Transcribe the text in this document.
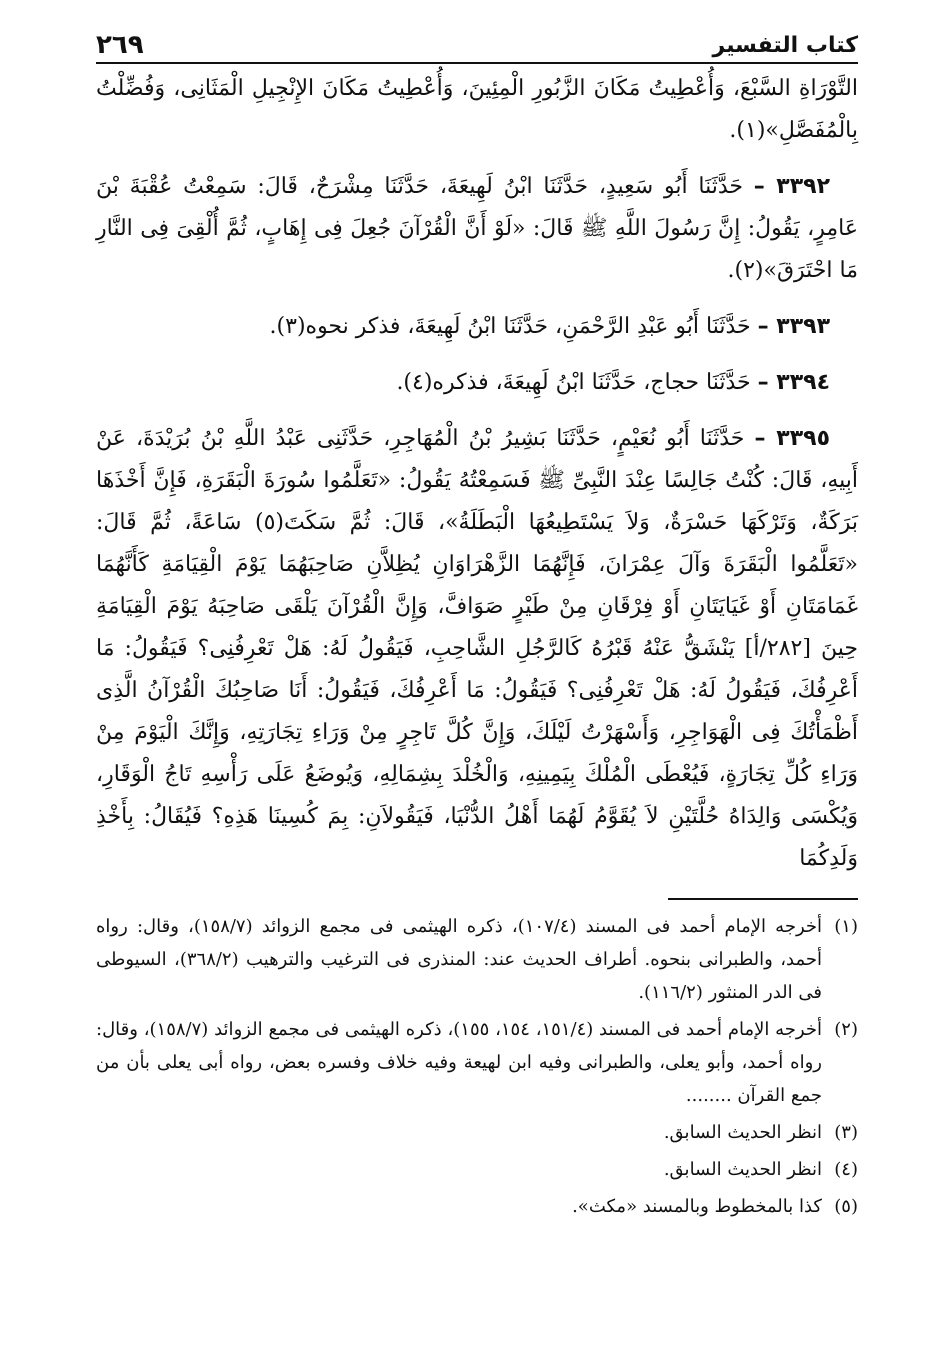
كتاب التفسير
٢٦٩

التَّوْرَاةِ السَّبْعَ، وَأُعْطِيتُ مَكَانَ الزَّبُورِ الْمِئِينَ، وَأُعْطِيتُ مَكَانَ الإِنْجِيلِ الْمَثَانِى، وَفُضِّلْتُ بِالْمُفَصَّلِ»(١).

٣٣٩٢ – حَدَّثَنَا أَبُو سَعِيدٍ، حَدَّثَنَا ابْنُ لَهِيعَةَ، حَدَّثَنَا مِشْرَحٌ، قَالَ: سَمِعْتُ عُقْبَةَ بْنَ عَامِرٍ، يَقُولُ: إِنَّ رَسُولَ اللَّهِ ﷺ قَالَ: «لَوْ أَنَّ الْقُرْآنَ جُعِلَ فِى إِهَابٍ، ثُمَّ أُلْقِىَ فِى النَّارِ مَا احْتَرَقَ»(٢).

٣٣٩٣ – حَدَّثَنَا أَبُو عَبْدِ الرَّحْمَنِ، حَدَّثَنَا ابْنُ لَهِيعَةَ، فذكر نحوه(٣).

٣٣٩٤ – حَدَّثَنَا حجاج، حَدَّثَنَا ابْنُ لَهِيعَةَ، فذكره(٤).

٣٣٩٥ – حَدَّثَنَا أَبُو نُعَيْمٍ، حَدَّثَنَا بَشِيرُ بْنُ الْمُهَاجِرِ، حَدَّثَنِى عَبْدُ اللَّهِ بْنُ بُرَيْدَةَ، عَنْ أَبِيهِ، قَالَ: كُنْتُ جَالِسًا عِنْدَ النَّبِىِّ ﷺ فَسَمِعْتُهُ يَقُولُ: «تَعَلَّمُوا سُورَةَ الْبَقَرَةِ، فَإِنَّ أَخْذَهَا بَرَكَةٌ، وَتَرْكَهَا حَسْرَةٌ، وَلاَ يَسْتَطِيعُهَا الْبَطَلَةُ»، قَالَ: ثُمَّ سَكَتَ(٥) سَاعَةً، ثُمَّ قَالَ: «تَعَلَّمُوا الْبَقَرَةَ وَآلَ عِمْرَانَ، فَإِنَّهُمَا الزَّهْرَاوَانِ يُظِلاَّنِ صَاحِبَهُمَا يَوْمَ الْقِيَامَةِ كَأَنَّهُمَا غَمَامَتَانِ أَوْ غَيَايَتَانِ أَوْ فِرْقَانِ مِنْ طَيْرٍ صَوَافَّ، وَإِنَّ الْقُرْآنَ يَلْقَى صَاحِبَهُ يَوْمَ الْقِيَامَةِ حِينَ [٢٨٢/أ] يَنْشَقُّ عَنْهُ قَبْرُهُ كَالرَّجُلِ الشَّاحِبِ، فَيَقُولُ لَهُ: هَلْ تَعْرِفُنِى؟ فَيَقُولُ: مَا أَعْرِفُكَ، فَيَقُولُ لَهُ: هَلْ تَعْرِفُنِى؟ فَيَقُولُ: مَا أَعْرِفُكَ، فَيَقُولُ: أَنَا صَاحِبُكَ الْقُرْآنُ الَّذِى أَظْمَأْتُكَ فِى الْهَوَاجِرِ، وَأَسْهَرْتُ لَيْلَكَ، وَإِنَّ كُلَّ تَاجِرٍ مِنْ وَرَاءِ تِجَارَتِهِ، وَإِنَّكَ الْيَوْمَ مِنْ وَرَاءِ كُلِّ تِجَارَةٍ، فَيُعْطَى الْمُلْكَ بِيَمِينِهِ، وَالْخُلْدَ بِشِمَالِهِ، وَيُوضَعُ عَلَى رَأْسِهِ تَاجُ الْوَقَارِ، وَيُكْسَى وَالِدَاهُ حُلَّتَيْنِ لاَ يُقَوَّمُ لَهُمَا أَهْلُ الدُّنْيَا، فَيَقُولاَنِ: بِمَ كُسِينَا هَذِهِ؟ فَيُقَالُ: بِأَخْذِ وَلَدِكُمَا

(١)
أخرجه الإمام أحمد فى المسند (١٠٧/٤)، ذكره الهيثمى فى مجمع الزوائد (١٥٨/٧)، وقال: رواه أحمد، والطبرانى بنحوه. أطراف الحديث عند: المنذرى فى الترغيب والترهيب (٣٦٨/٢)، السيوطى فى الدر المنثور (١١٦/٢).

(٢)
أخرجه الإمام أحمد فى المسند (١٥١/٤، ١٥٤، ١٥٥)، ذكره الهيثمى فى مجمع الزوائد (١٥٨/٧)، وقال: رواه أحمد، وأبو يعلى، والطبرانى وفيه ابن لهيعة وفيه خلاف وفسره بعض، رواه أبى يعلى بأن من جمع القرآن ........

(٣)
انظر الحديث السابق.

(٤)
انظر الحديث السابق.

(٥)
كذا بالمخطوط وبالمسند «مكث».
